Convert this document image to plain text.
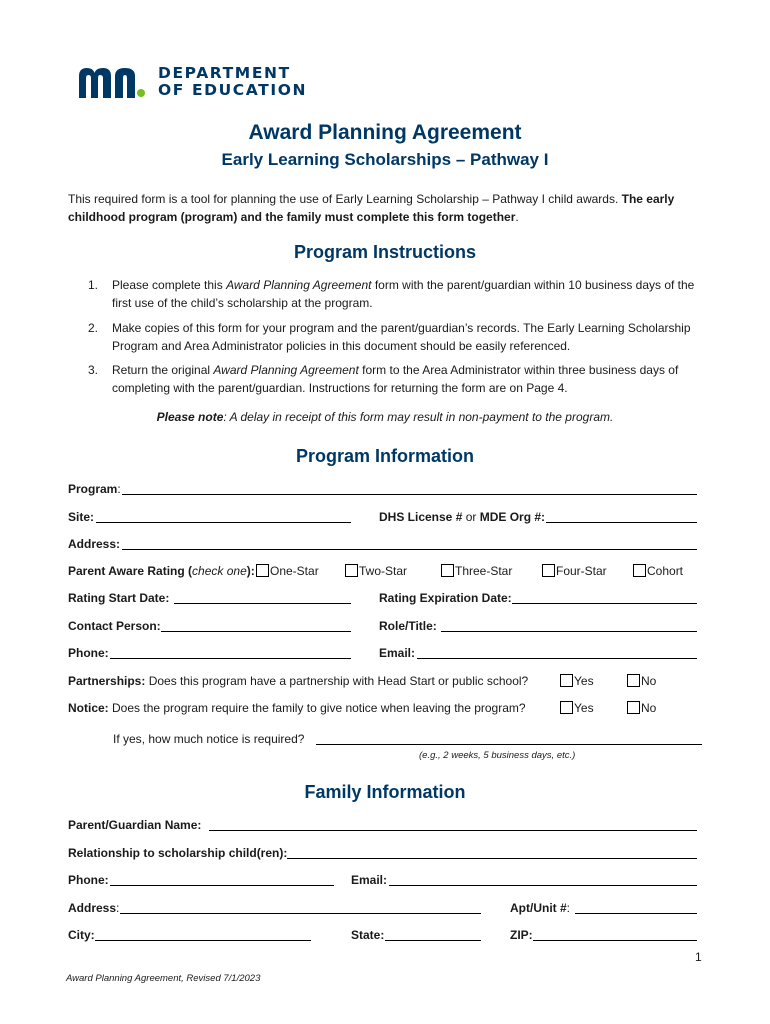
DEPARTMENT
OF EDUCATION
Award Planning Agreement
Early Learning Scholarships – Pathway I
This required form is a tool for planning the use of Early Learning Scholarship – Pathway I child awards. The early childhood program (program) and the family must complete this form together.
Program Instructions
1. Please complete this Award Planning Agreement form with the parent/guardian within 10 business days of the first use of the child’s scholarship at the program.
2. Make copies of this form for your program and the parent/guardian’s records. The Early Learning Scholarship Program and Area Administrator policies in this document should be easily referenced.
3. Return the original Award Planning Agreement form to the Area Administrator within three business days of completing with the parent/guardian. Instructions for returning the form are on Page 4.
Please note: A delay in receipt of this form may result in non-payment to the program.
Program Information
Program:
Site:	DHS License # or MDE Org #:
Address:
Parent Aware Rating (check one):	One-Star	Two-Star	Three-Star	Four-Star	Cohort
Rating Start Date:	Rating Expiration Date:
Contact Person:	Role/Title:
Phone:	Email:
Partnerships: Does this program have a partnership with Head Start or public school?	Yes	No
Notice: Does the program require the family to give notice when leaving the program?	Yes	No
If yes, how much notice is required?
(e.g., 2 weeks, 5 business days, etc.)
Family Information
Parent/Guardian Name:
Relationship to scholarship child(ren):
Phone:	Email:
Address:	Apt/Unit #:
City:	State:	ZIP:
1
Award Planning Agreement, Revised 7/1/2023
